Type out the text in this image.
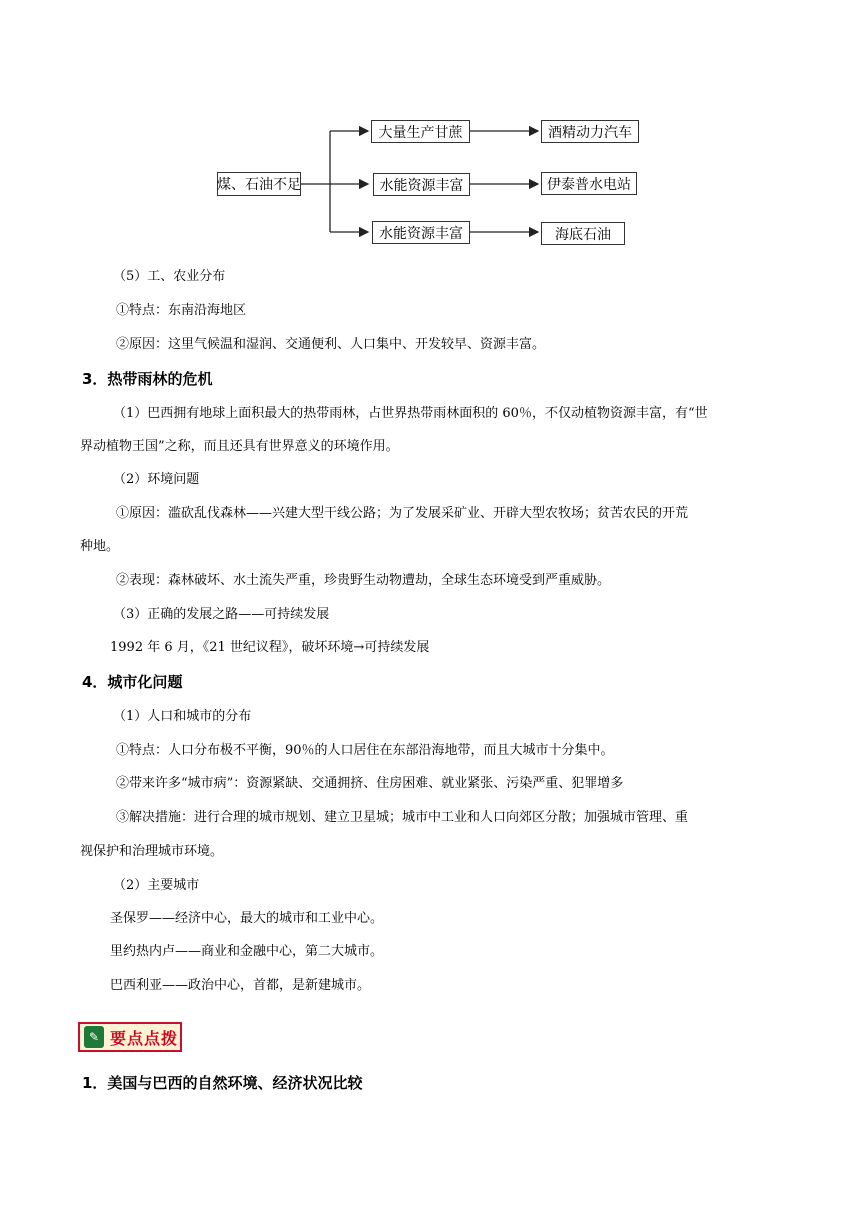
煤、石油不足
大量生产甘蔗
水能资源丰富
水能资源丰富
酒精动力汽车
伊泰普水电站
海底石油
（5）工、农业分布
①特点：东南沿海地区
②原因：这里气候温和湿润、交通便利、人口集中、开发较早、资源丰富。
3．热带雨林的危机
（1）巴西拥有地球上面积最大的热带雨林，占世界热带雨林面积的 60％，不仅动植物资源丰富，有“世
界动植物王国”之称，而且还具有世界意义的环境作用。
（2）环境问题
①原因：滥砍乱伐森林——兴建大型干线公路；为了发展采矿业、开辟大型农牧场；贫苦农民的开荒
种地。
②表现：森林破坏、水土流失严重，珍贵野生动物遭劫，全球生态环境受到严重威胁。
（3）正确的发展之路——可持续发展
1992 年 6 月，《21 世纪议程》，破坏环境→可持续发展
4．城市化问题
（1）人口和城市的分布
①特点：人口分布极不平衡，90％的人口居住在东部沿海地带，而且大城市十分集中。
②带来许多“城市病”：资源紧缺、交通拥挤、住房困难、就业紧张、污染严重、犯罪增多
③解决措施：进行合理的城市规划、建立卫星城；城市中工业和人口向郊区分散；加强城市管理、重
视保护和治理城市环境。
（2）主要城市
圣保罗——经济中心，最大的城市和工业中心。
里约热内卢——商业和金融中心，第二大城市。
巴西利亚——政治中心，首都，是新建城市。
✎ 要点点拨
1．美国与巴西的自然环境、经济状况比较
